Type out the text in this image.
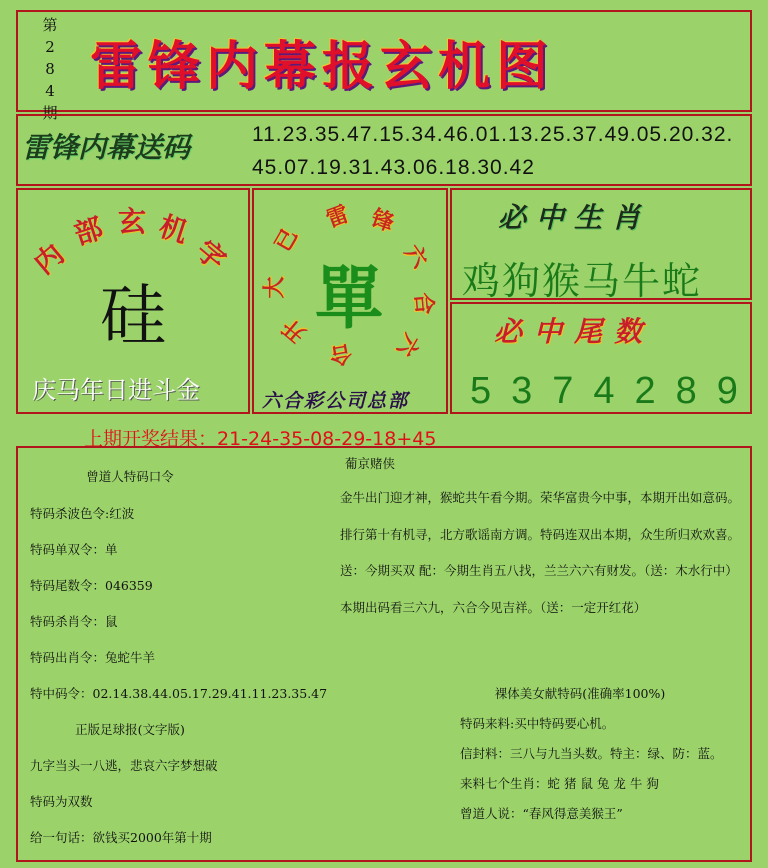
第
2
8
4
期
雷锋内幕报玄机图
雷锋内幕送码	11.23.35.47.15.34.46.01.13.25.37.49.05.20.32.
45.07.19.31.43.06.18.30.42
内
部 玄 机
字
硅
庆马年日进斗金
已
雷 锋
六
合
六
合
开
大 單
六合彩公司总部
必中生肖
鸡狗猴马牛蛇
必中尾数
5374289
上期开奖结果：21-24-35-08-29-18+45
曾道人特码口令
特码杀波色令:红波
特码单双令：单
特码尾数令：046359
特码杀肖令：鼠
特码出肖令：兔蛇牛羊
特中码令：02.14.38.44.05.17.29.41.11.23.35.47
正版足球报(文字版)
九字当头一八逃，悲哀六字梦想破
特码为双数
给一句话：欲钱买2000年第十期
葡京赌侠
金牛出门迎才神，猴蛇共午看今期。荣华富贵今中事，本期开出如意码。
排行第十有机寻，北方歌谣南方调。特码连双出本期，众生所归欢欢喜。
送：今期买双 配：今期生肖五八找，兰兰六六有财发。（送：木水行中）
本期出码看三六九，六合今见吉祥。（送：一定开红花）
裸体美女献特码(准确率100%)
特码来料:买中特码要心机。
信封料：三八与九当头数。特主：绿、防：蓝。
来料七个生肖：蛇 猪 鼠 兔 龙 牛 狗
曾道人说：“春风得意美猴王”
